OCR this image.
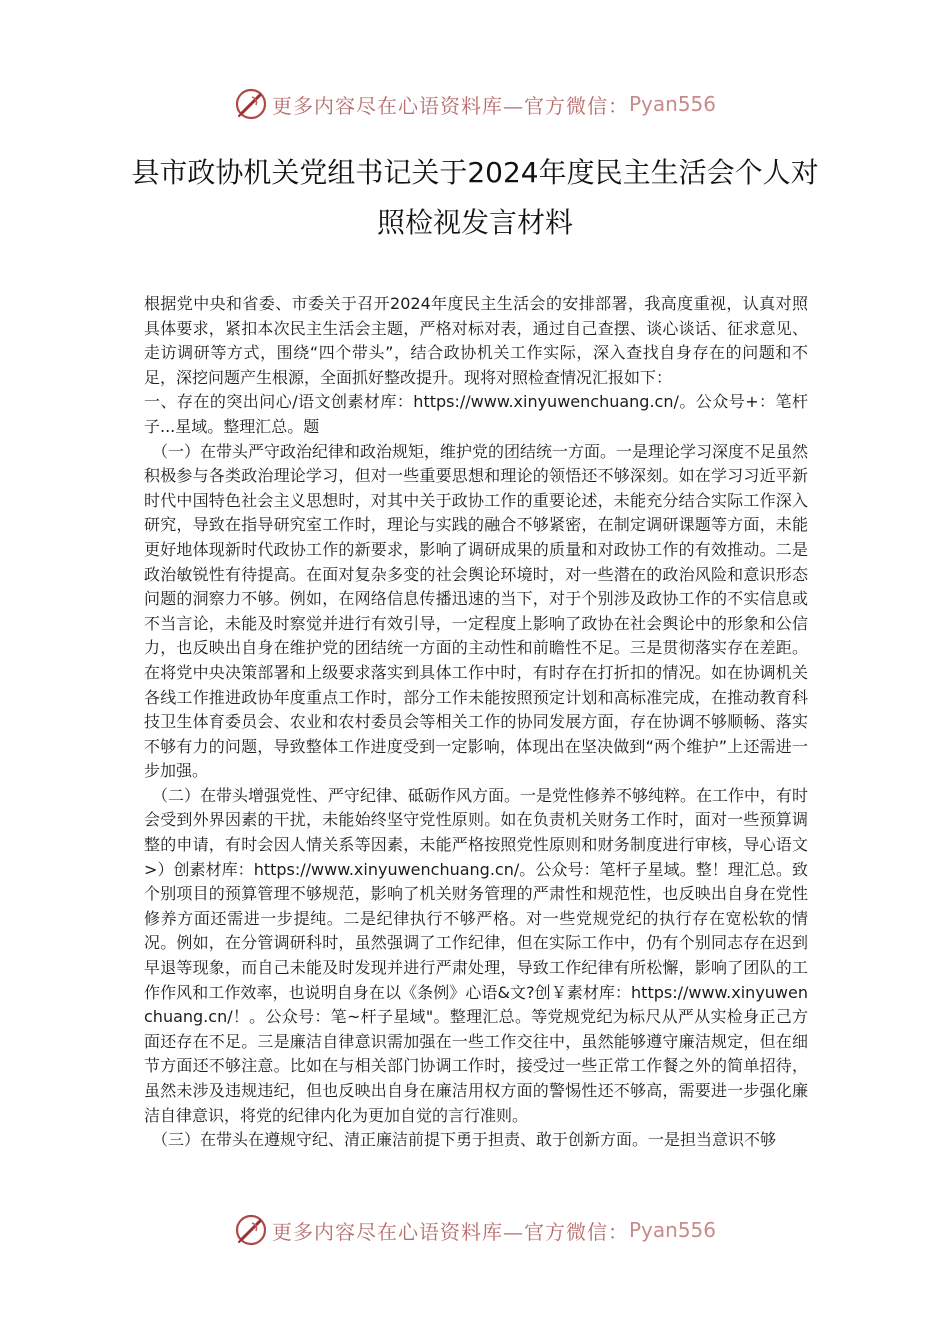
更多内容尽在心语资料库—官方微信： Pyan556
县市政协机关党组书记关于2024年度民主生活会个人对照检视发言材料

根据党中央和省委、市委关于召开2024年度民主生活会的安排部署，我高度重视，认真对照具体要求，紧扣本次民主生活会主题，严格对标对表，通过自己查摆、谈心谈话、征求意见、走访调研等方式，围绕“四个带头”，结合政协机关工作实际，深入查找自身存在的问题和不足，深挖问题产生根源，全面抓好整改提升。现将对照检查情况汇报如下：

一、存在的突出问心/语文创素材库：https://www.xinyuwenchuang.cn/。公众号+：笔杆子...星域。整理汇总。题

（一）在带头严守政治纪律和政治规矩，维护党的团结统一方面。一是理论学习深度不足虽然积极参与各类政治理论学习，但对一些重要思想和理论的领悟还不够深刻。如在学习习近平新时代中国特色社会主义思想时，对其中关于政协工作的重要论述，未能充分结合实际工作深入研究，导致在指导研究室工作时，理论与实践的融合不够紧密，在制定调研课题等方面，未能更好地体现新时代政协工作的新要求，影响了调研成果的质量和对政协工作的有效推动。二是政治敏锐性有待提高。在面对复杂多变的社会舆论环境时，对一些潜在的政治风险和意识形态问题的洞察力不够。例如，在网络信息传播迅速的当下，对于个别涉及政协工作的不实信息或不当言论，未能及时察觉并进行有效引导，一定程度上影响了政协在社会舆论中的形象和公信力，也反映出自身在维护党的团结统一方面的主动性和前瞻性不足。三是贯彻落实存在差距。在将党中央决策部署和上级要求落实到具体工作中时，有时存在打折扣的情况。如在协调机关各线工作推进政协年度重点工作时，部分工作未能按照预定计划和高标准完成，在推动教育科技卫生体育委员会、农业和农村委员会等相关工作的协同发展方面，存在协调不够顺畅、落实不够有力的问题，导致整体工作进度受到一定影响，体现出在坚决做到“两个维护”上还需进一步加强。

（二）在带头增强党性、严守纪律、砥砺作风方面。一是党性修养不够纯粹。在工作中，有时会受到外界因素的干扰，未能始终坚守党性原则。如在负责机关财务工作时，面对一些预算调整的申请，有时会因人情关系等因素，未能严格按照党性原则和财务制度进行审核，导心语文>）创素材库：https://www.xinyuwenchuang.cn/。公众号：笔杆子星域。整！理汇总。致个别项目的预算管理不够规范，影响了机关财务管理的严肃性和规范性，也反映出自身在党性修养方面还需进一步提纯。二是纪律执行不够严格。对一些党规党纪的执行存在宽松软的情况。例如，在分管调研科时，虽然强调了工作纪律，但在实际工作中，仍有个别同志存在迟到早退等现象，而自己未能及时发现并进行严肃处理，导致工作纪律有所松懈，影响了团队的工作作风和工作效率，也说明自身在以《条例》心语&文?创￥素材库：https://www.xinyuwenchuang.cn/！。公众号：笔~杆子星域"。整理汇总。等党规党纪为标尺从严从实检身正己方面还存在不足。三是廉洁自律意识需加强在一些工作交往中，虽然能够遵守廉洁规定，但在细节方面还不够注意。比如在与相关部门协调工作时，接受过一些正常工作餐之外的简单招待，虽然未涉及违规违纪，但也反映出自身在廉洁用权方面的警惕性还不够高，需要进一步强化廉洁自律意识，将党的纪律内化为更加自觉的言行准则。

（三）在带头在遵规守纪、清正廉洁前提下勇于担责、敢于创新方面。一是担当意识不够

更多内容尽在心语资料库—官方微信： Pyan556
